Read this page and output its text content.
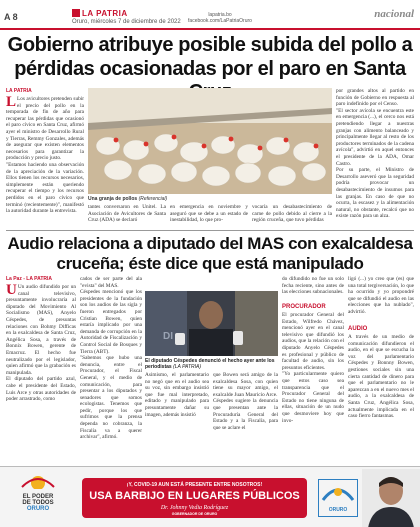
A 8	LA PATRIA
Oruro, miércoles 7 de diciembre de 2022
lapatria.bo
facebook.com/LaPatriaOruro
nacional
Gobierno atribuye posible subida del pollo a pérdidas ocasionadas por el paro en Santa
LA PATRIA
L Los avicultores pretenden subir el precio del pollo en la temporada de fin de año para recuperar las pérdidas que ocasionó el paro cívico en Santa Cruz, afirmó ayer el ministro de Desarrollo Rural y Tierras, Remmy Gonzales, además de asegurar que existen elementos necesarios para garantizar la producción y precio justo.
"Estamos haciendo una observación de la apreciación de la variación. Ellos tienen los recursos necesarios, simplemente están queriendo recuperar el tiempo y los recursos perdidos en el paro cívico que terminó (recientemente)", manifestó la autoridad durante la entrevista.
Una granja de pollos (Referencial)
tantes conversaron en Unitel. La Asociación de Avicultores de Santa Cruz (ADA) se declaró
en emergencia en noviembre y aseguró que se debe a un estado de inestabilidad, lo que pro-
vocaría un desabastecimiento de carne de pollo debido al cierre a la región cruceña, que tuvo pérdidas
por grandes altos al partido en función de Gobierno en respuesta al paro indefinido por el Censo.
"El sector avícola se encuentra este en emergencia (...), el cerco nos está pretendiendo llegar a nuestras granjas con alimento balanceado y principalmente llegar al resto de los productores terminados de la cadena avícola", advirtió en aquel entonces el presidente de la ADA, Omar Castro.
Por su parte, el Ministro de Desarrollo aseveró que la seguridad podría provocar un desabastecimiento de insumos para las granjas. En caso de que no ocurra, la escasez y la alimentación natural, no obstante, recalcó que no existe razón para un alza.
Audio relaciona a diputado del MAS con exalcaldesa cruceña; éste dice que está manipulado
La Paz - LA PATRIA
U Un audio difundido por un canal televisivo, presuntamente involucraría al diputado del Movimiento Al Socialismo (MAS), Anyelo Céspedes, de presuntas relaciones con Bohmy Difficas en la exalcaldesa de Santa Cruz, Angélica Sosa, a través de Bonnix Bowen, gerente de Emacruz. El hecho fue neutralizado por el legislador, quien afirmó que la grabación es manipulada.
El diputado del partido azul, cabe el presidente del Estado, Luis Arce y otras autoridades de poder arrastrado, como
cados de ser parte del ala "evista" del MAS.
Céspedes mencionó que los presidentes de la fundación son los audios de las sigla y fueron entregados por Cristian Bowen, quien estaría implicado por una demanda de corrupción en la Autoridad de Fiscalización y Control Social de Bosques y Tierra (ABT).
"Sabemos que hubo una denuncia, entre el Procurador, el Fiscal General, y el medio de comunicación, para presentar a los diputados y senadores que somos ecologistas. Tenemos que pedir, porque los que sufrimos que la prensa dependa no cobranza, la Fiscalía va a querer archivar", afirmó.
DI
El diputado Céspedes denunció el hecho ayer ante los periodistas (LA PATRIA)
Asimismo, el parlamentario no negó que en el audio sea su voz, sin embargo insistió que fue mal interpretado, editado y manipulado para presuntamente dañar su imagen, además insistió
que Bowen será amigo de la exalcaldesa Sosa, con quien tiene su mayor amigo, el exalcalde Juan Mauricio Arce.
Céspedes sugiere la denuncia que presentan ante la Procuraduría General del Estado y a la Fiscalía, para que se aclare el
do difundido no fue un solo fecha reciente, sino antes de las elecciones subnacionales.
PROCURADOR
El procurador General del Estado, Wilfredo Chávez, mencionó ayer en el canal televisivo que difundió los audios, que la relación con el diputado Anyelo Céspedes es profesional y público de facultad de audio, sin los presuntos eficientes.
"Yo particularmente quiero que estos caso sea transparencia que el Procurador General del Estado no tiene ninguna de ellas, situación de un nudo que desmoviere hoy que invo-
ligó (...) yo creo que (es) que una total tergiversación, lo que ha ocurrido y yo propondré que se difundió el audio en las elecciones que ha nublado", advirtió.
AUDIO
A través de un medio de comunicación difundieron el audio, en el que se escucha la voz del parlamentario Céspedes y Bonnny Bowen, gestiones sociales sin una cierta cantidad de dinero para que el parlamentario no le aparezcan a en el nuevo mes el audio, a la exalcaldesa de Santa Cruz, Angélica Sosa, actualmente implicada en el caso fierro fantasmas.
EL PODER
DE TODOS
ORURO	ORURO
¡Y, COVID-19 AUN ESTÁ PRESENTE ENTRE NOSOTROS!
USA BARBIJO EN LUGARES PÚBLICOS
Dr. Johnny Vedia Rodríguez
GOBERNADOR DE ORURO
